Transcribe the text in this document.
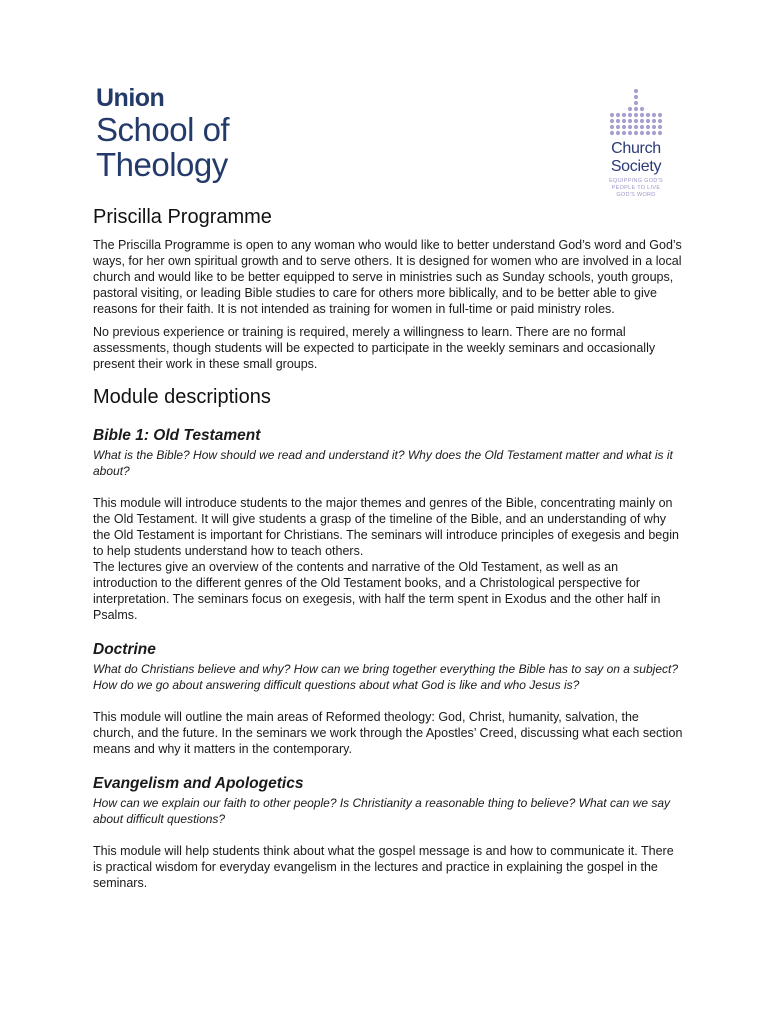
Union
School of
Theology	Church
Society
EQUIPPING GOD'S
PEOPLE TO LIVE
GOD'S WORD
Priscilla Programme

The Priscilla Programme is open to any woman who would like to better understand God’s word and God’s ways, for her own spiritual growth and to serve others. It is designed for women who are involved in a local church and would like to be better equipped to serve in ministries such as Sunday schools, youth groups, pastoral visiting, or leading Bible studies to care for others more biblically, and to be better able to give reasons for their faith. It is not intended as training for women in full-time or paid ministry roles.

No previous experience or training is required, merely a willingness to learn. There are no formal assessments, though students will be expected to participate in the weekly seminars and occasionally present their work in these small groups.

Module descriptions
Bible 1: Old Testament
What is the Bible? How should we read and understand it? Why does the Old Testament matter and what is it about?

This module will introduce students to the major themes and genres of the Bible, concentrating mainly on the Old Testament. It will give students a grasp of the timeline of the Bible, and an understanding of why the Old Testament is important for Christians. The seminars will introduce principles of exegesis and begin to help students understand how to teach others.

The lectures give an overview of the contents and narrative of the Old Testament, as well as an introduction to the different genres of the Old Testament books, and a Christological perspective for interpretation. The seminars focus on exegesis, with half the term spent in Exodus and the other half in Psalms.

Doctrine
What do Christians believe and why? How can we bring together everything the Bible has to say on a subject? How do we go about answering difficult questions about what God is like and who Jesus is?

This module will outline the main areas of Reformed theology: God, Christ, humanity, salvation, the church, and the future. In the seminars we work through the Apostles’ Creed, discussing what each section means and why it matters in the contemporary.

Evangelism and Apologetics
How can we explain our faith to other people? Is Christianity a reasonable thing to believe? What can we say about difficult questions?

This module will help students think about what the gospel message is and how to communicate it. There is practical wisdom for everyday evangelism in the lectures and practice in explaining the gospel in the seminars.
